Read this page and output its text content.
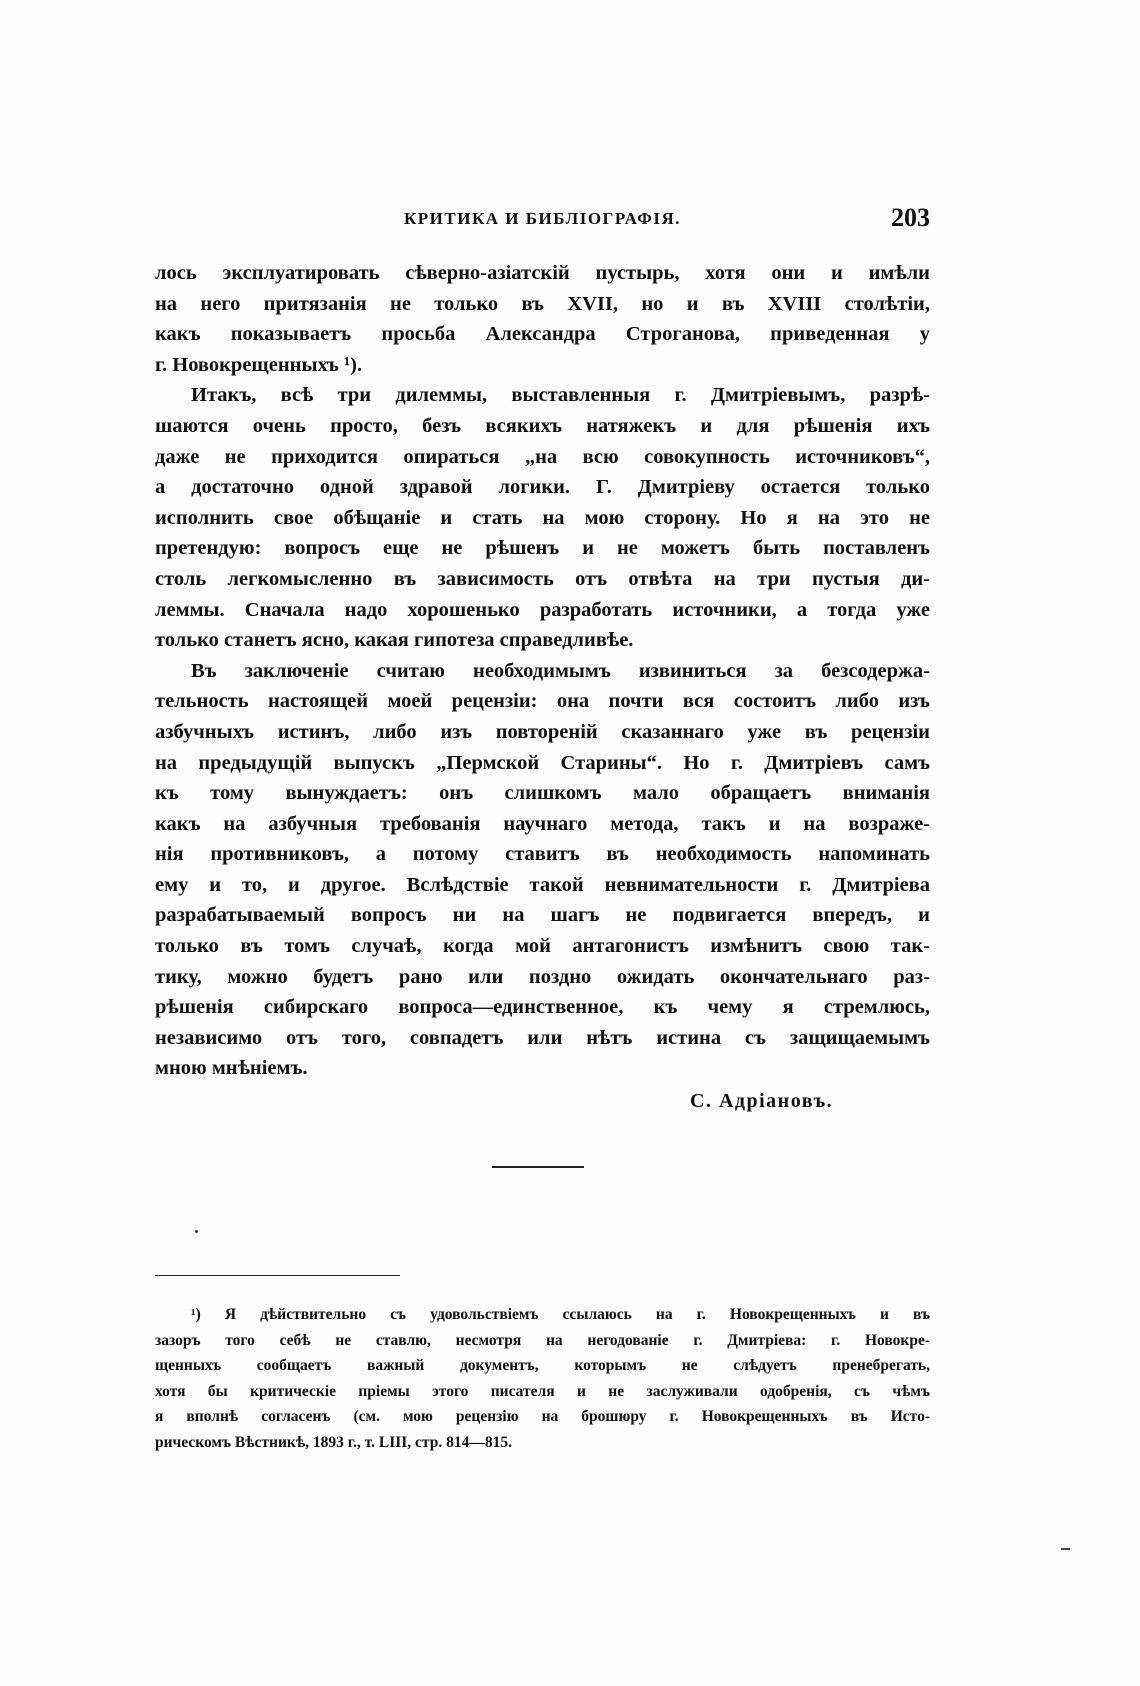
КРИТИКА И БИБЛІОГРАФІЯ.	203
лось эксплуатировать сѣверно-азіатскій пустырь, хотя они и имѣли
на него притязанія не только въ XVII, но и въ XVIII столѣтіи,
какъ показываетъ просьба Александра Строганова, приведенная у
г. Новокрещенныхъ ¹).
Итакъ, всѣ три дилеммы, выставленныя г. Дмитріевымъ, разрѣ-
шаются очень просто, безъ всякихъ натяжекъ и для рѣшенія ихъ
даже не приходится опираться „на всю совокупность источниковъ“,
а достаточно одной здравой логики. Г. Дмитріеву остается только
исполнить свое обѣщаніе и стать на мою сторону. Но я на это не
претендую: вопросъ еще не рѣшенъ и не можетъ быть поставленъ
столь легкомысленно въ зависимость отъ отвѣта на три пустыя ди-
леммы. Сначала надо хорошенько разработать источники, а тогда уже
только станетъ ясно, какая гипотеза справедливѣе.
Въ заключеніе считаю необходимымъ извиниться за безсодержа-
тельность настоящей моей рецензіи: она почти вся состоитъ либо изъ
азбучныхъ истинъ, либо изъ повтореній сказаннаго уже въ рецензіи
на предыдущій выпускъ „Пермской Старины“. Но г. Дмитріевъ самъ
къ тому вынуждаетъ: онъ слишкомъ мало обращаетъ вниманія
какъ на азбучныя требованія научнаго метода, такъ и на возраже-
нія противниковъ, а потому ставитъ въ необходимость напоминать
ему и то, и другое. Вслѣдствіе такой невнимательности г. Дмитріева
разрабатываемый вопросъ ни на шагъ не подвигается впередъ, и
только въ томъ случаѣ, когда мой антагонистъ измѣнитъ свою так-
тику, можно будетъ рано или поздно ожидать окончательнаго раз-
рѣшенія сибирскаго вопроса—единственное, къ чему я стремлюсь,
независимо отъ того, совпадетъ или нѣтъ истина съ защищаемымъ
мною мнѣніемъ.
С. Адріановъ.
¹) Я дѣйствительно съ удовольствіемъ ссылаюсь на г. Новокрещенныхъ и въ
зазоръ того себѣ не ставлю, несмотря на негодованіе г. Дмитріева: г. Новокре-
щенныхъ сообщаетъ важный документъ, которымъ не слѣдуетъ пренебрегать,
хотя бы критическіе пріемы этого писателя и не заслуживали одобренія, съ чѣмъ
я вполнѣ согласенъ (см. мою рецензію на брошюру г. Новокрещенныхъ въ Исто-
рическомъ Вѣстникѣ, 1893 г., т. LIII, стр. 814—815.
